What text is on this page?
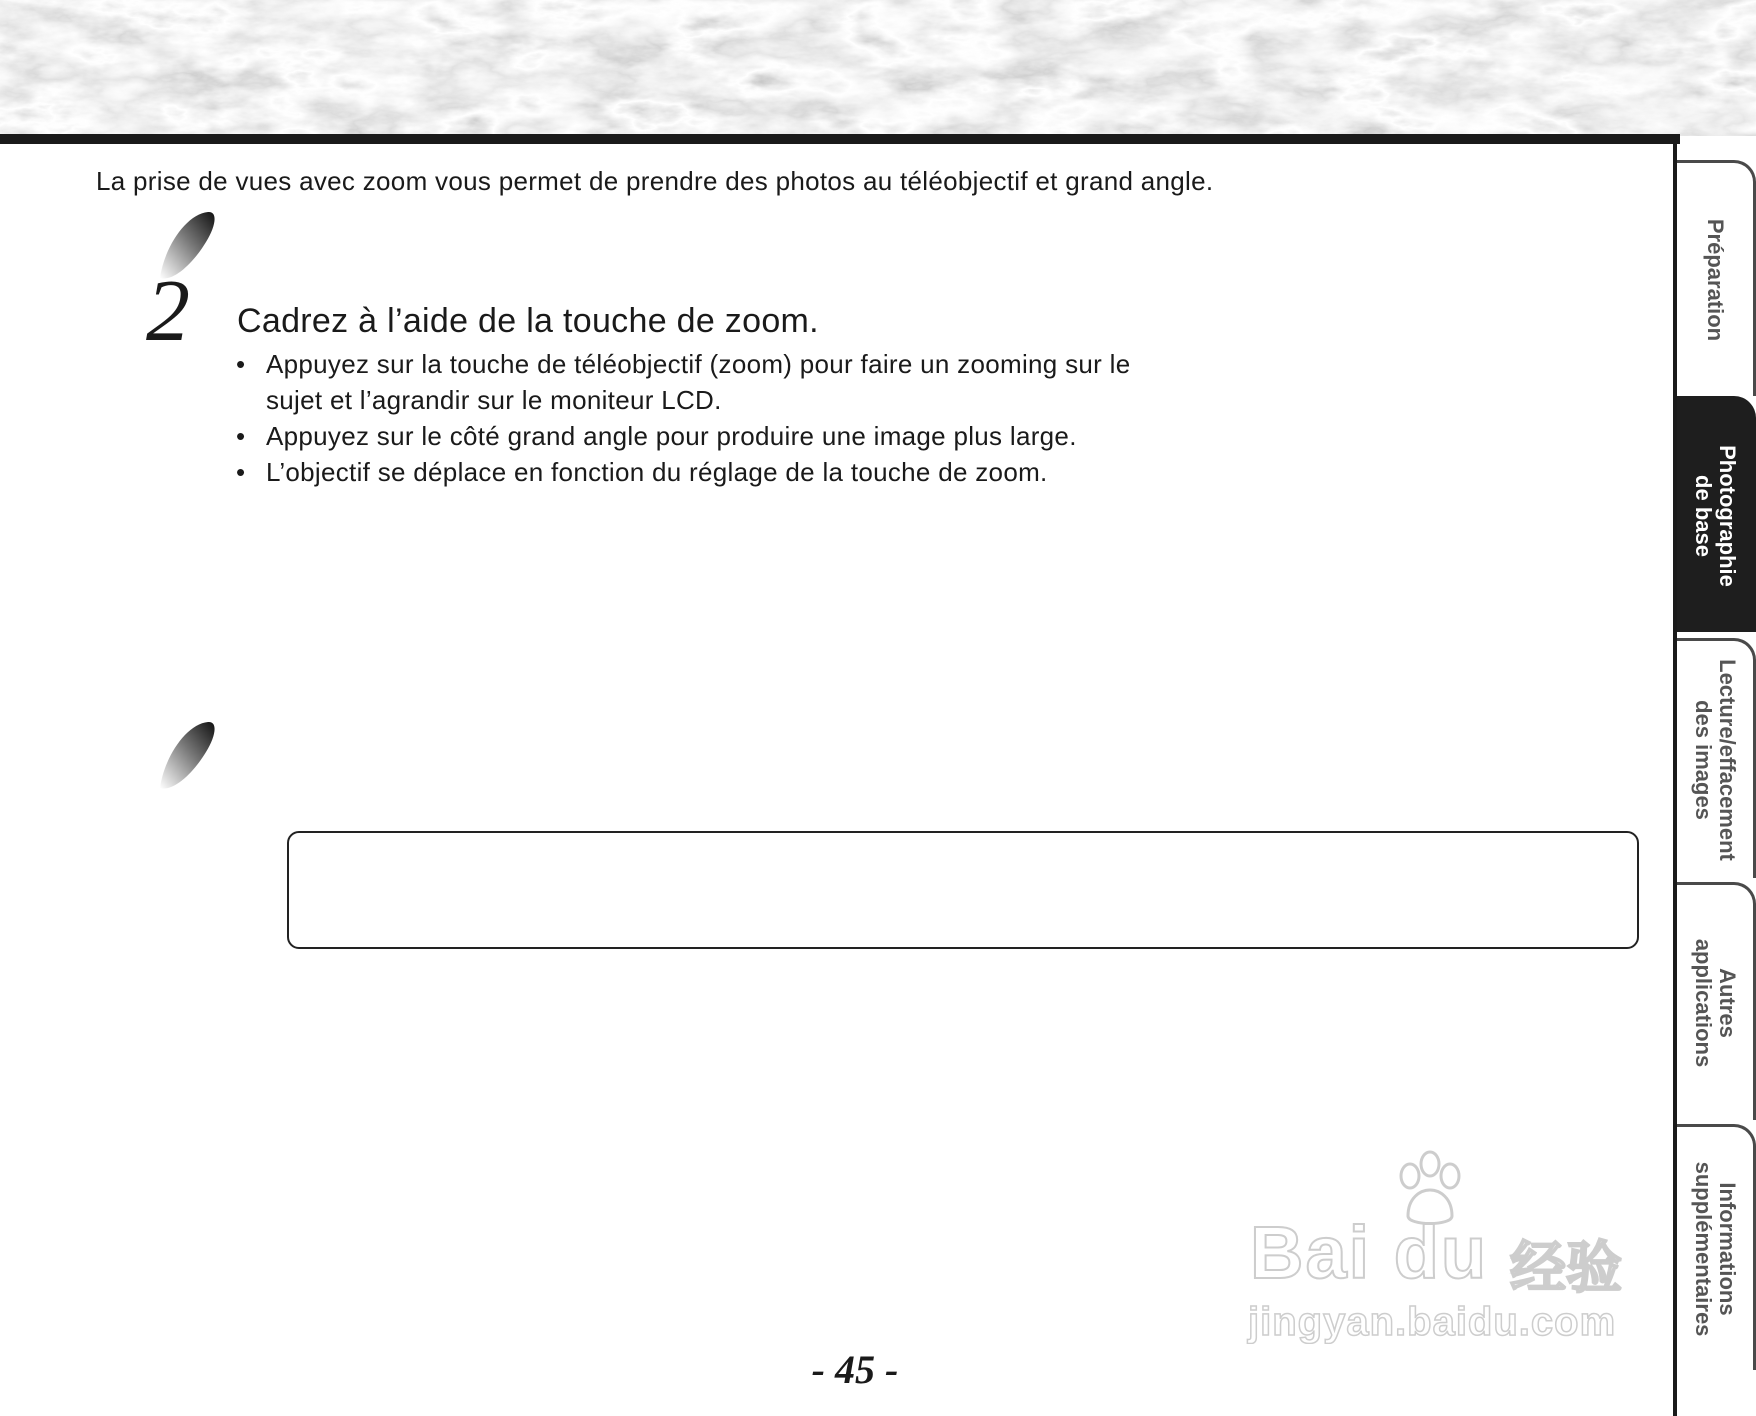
La prise de vues avec zoom vous permet de prendre des photos au téléobjectif et grand angle.
2 Cadrez à l’aide de la touche de zoom.
• Appuyez sur la touche de téléobjectif (zoom) pour faire un zooming sur le sujet et l’agrandir sur le moniteur LCD.
• Appuyez sur le côté grand angle pour produire une image plus large.
• L’objectif se déplace en fonction du réglage de la touche de zoom.
- 45 -
Préparation
Photographie
de base
Lecture/effacement
des images
Autres
applications
Informations
supplémentaires
Bai du 经验
jingyan.baidu.com
